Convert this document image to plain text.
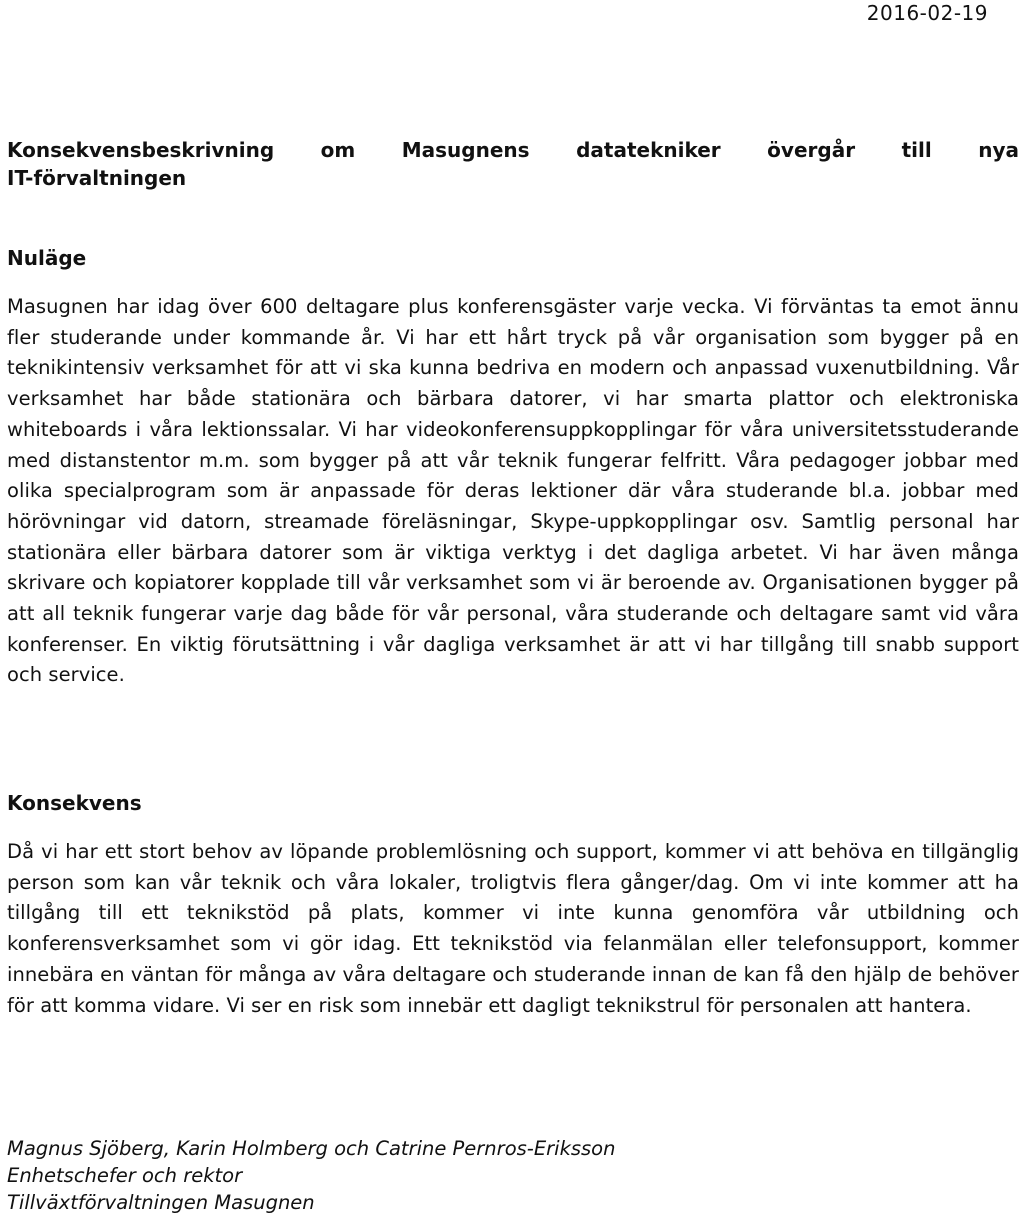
2016-02-19
Konsekvensbeskrivning om Masugnens datatekniker övergår till nya
IT-förvaltningen
Nuläge
Masugnen har idag över 600 deltagare plus konferensgäster varje vecka. Vi förväntas ta emot ännu fler studerande under kommande år. Vi har ett hårt tryck på vår organisation som bygger på en teknikintensiv verksamhet för att vi ska kunna bedriva en modern och anpassad vuxenutbildning. Vår verksamhet har både stationära och bärbara datorer, vi har smarta plattor och elektroniska whiteboards i våra lektionssalar. Vi har videokonferensuppkopplingar för våra universitetsstuderande med distanstentor m.m. som bygger på att vår teknik fungerar felfritt. Våra pedagoger jobbar med olika specialprogram som är anpassade för deras lektioner där våra studerande bl.a. jobbar med hörövningar vid datorn, streamade föreläsningar, Skype-uppkopplingar osv. Samtlig personal har stationära eller bärbara datorer som är viktiga verktyg i det dagliga arbetet. Vi har även många skrivare och kopiatorer kopplade till vår verksamhet som vi är beroende av. Organisationen bygger på att all teknik fungerar varje dag både för vår personal, våra studerande och deltagare samt vid våra konferenser. En viktig förutsättning i vår dagliga verksamhet är att vi har tillgång till snabb support och service.
Konsekvens
Då vi har ett stort behov av löpande problemlösning och support, kommer vi att behöva en tillgänglig person som kan vår teknik och våra lokaler, troligtvis flera gånger/dag. Om vi inte kommer att ha tillgång till ett teknikstöd på plats, kommer vi inte kunna genomföra vår utbildning och konferensverksamhet som vi gör idag. Ett teknikstöd via felanmälan eller telefonsupport, kommer innebära en väntan för många av våra deltagare och studerande innan de kan få den hjälp de behöver för att komma vidare. Vi ser en risk som innebär ett dagligt teknikstrul för personalen att hantera.
Magnus Sjöberg, Karin Holmberg och Catrine Pernros-Eriksson
Enhetschefer och rektor
Tillväxtförvaltningen Masugnen
